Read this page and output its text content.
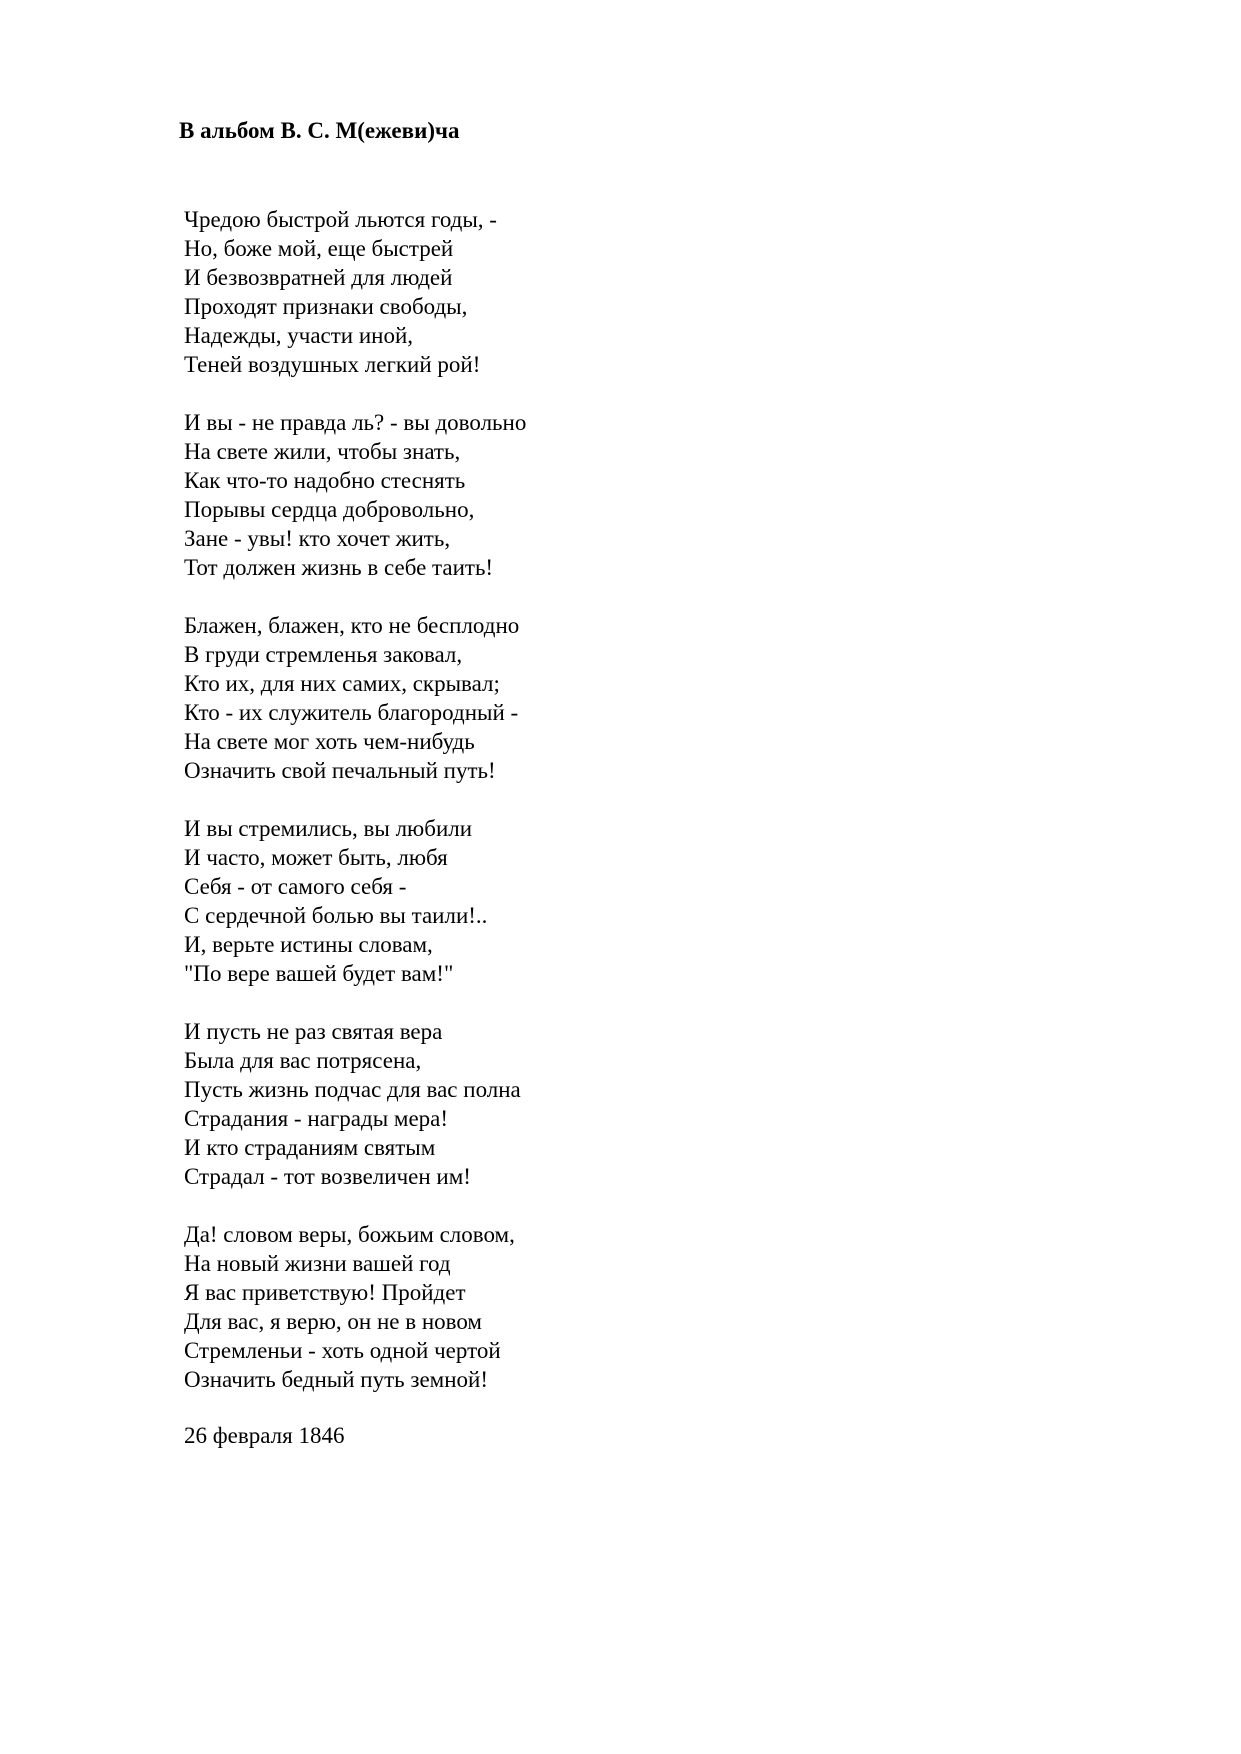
В альбом В. С. М(ежеви)ча
Чредою быстрой льются годы, -
Но, боже мой, еще быстрей
И безвозвратней для людей
Проходят признаки свободы,
Надежды, участи иной,
Теней воздушных легкий рой!
И вы - не правда ль? - вы довольно
На свете жили, чтобы знать,
Как что-то надобно стеснять
Порывы сердца добровольно,
Зане - увы! кто хочет жить,
Тот должен жизнь в себе таить!
Блажен, блажен, кто не бесплодно
В груди стремленья заковал,
Кто их, для них самих, скрывал;
Кто - их служитель благородный -
На свете мог хоть чем-нибудь
Означить свой печальный путь!
И вы стремились, вы любили
И часто, может быть, любя
Себя - от самого себя -
С сердечной болью вы таили!..
И, верьте истины словам,
"По вере вашей будет вам!"
И пусть не раз святая вера
Была для вас потрясена,
Пусть жизнь подчас для вас полна
Страдания - награды мера!
И кто страданиям святым
Страдал - тот возвеличен им!
Да! словом веры, божьим словом,
На новый жизни вашей год
Я вас приветствую! Пройдет
Для вас, я верю, он не в новом
Стремленьи - хоть одной чертой
Означить бедный путь земной!
26 февраля 1846
